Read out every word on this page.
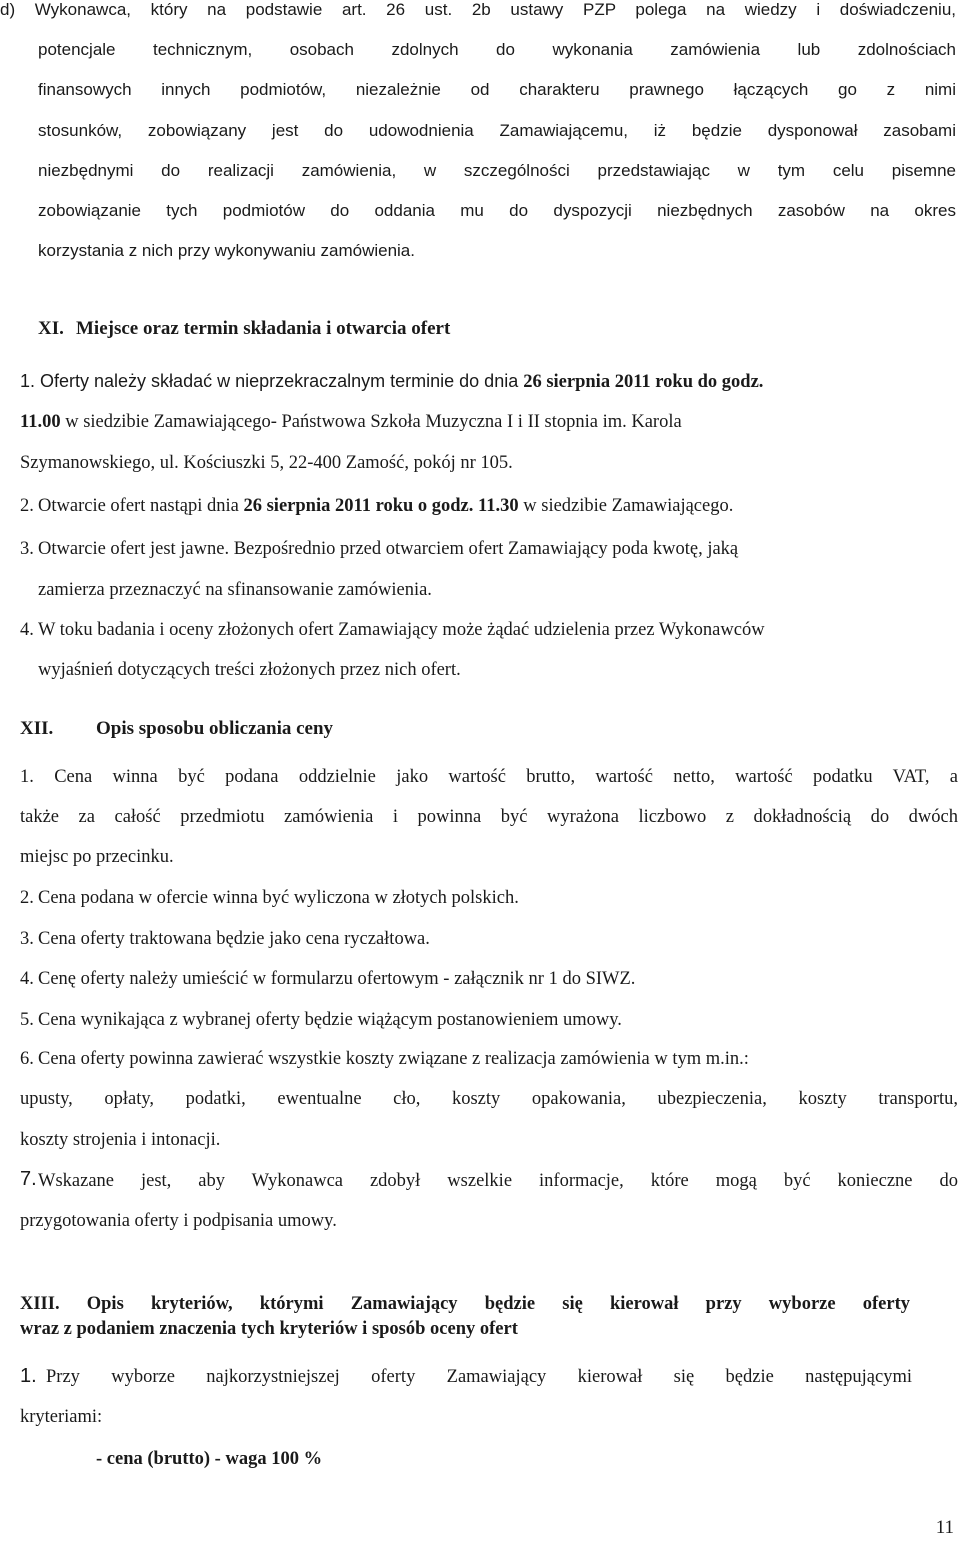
d) Wykonawca, który na podstawie art. 26 ust. 2b ustawy PZP polega na wiedzy i doświadczeniu,
potencjale technicznym, osobach zdolnych do wykonania zamówienia lub zdolnościach
finansowych innych podmiotów, niezależnie od charakteru prawnego łączących go z nimi
stosunków, zobowiązany jest do udowodnienia Zamawiającemu, iż będzie dysponował zasobami
niezbędnymi do realizacji zamówienia, w szczególności przedstawiając w tym celu pisemne
zobowiązanie tych podmiotów do oddania mu do dyspozycji niezbędnych zasobów na okres
korzystania z nich przy wykonywaniu zamówienia.
XI. Miejsce oraz termin składania i otwarcia ofert
1. Oferty należy składać w nieprzekraczalnym terminie do dnia 26 sierpnia 2011 roku do godz.
11.00 w siedzibie Zamawiającego- Państwowa Szkoła Muzyczna I i II stopnia im. Karola
Szymanowskiego, ul. Kościuszki 5, 22-400 Zamość, pokój nr 105.
2. Otwarcie ofert nastąpi dnia 26 sierpnia 2011 roku o godz. 11.30 w siedzibie Zamawiającego.
3. Otwarcie ofert jest jawne. Bezpośrednio przed otwarciem ofert Zamawiający poda kwotę, jaką
zamierza przeznaczyć na sfinansowanie zamówienia.
4. W toku badania i oceny złożonych ofert Zamawiający może żądać udzielenia przez Wykonawców
wyjaśnień dotyczących treści złożonych przez nich ofert.
XII. Opis sposobu obliczania ceny
1. Cena winna być podana oddzielnie jako wartość brutto, wartość netto, wartość podatku VAT, a
także za całość przedmiotu zamówienia i powinna być wyrażona liczbowo z dokładnością do dwóch
miejsc po przecinku.
2. Cena podana w ofercie winna być wyliczona w złotych polskich.
3. Cena oferty traktowana będzie jako cena ryczałtowa.
4. Cenę oferty należy umieścić w formularzu ofertowym - załącznik nr 1 do SIWZ.
5. Cena wynikająca z wybranej oferty będzie wiążącym postanowieniem umowy.
6. Cena oferty powinna zawierać wszystkie koszty związane z realizacja zamówienia w tym m.in.:
upusty, opłaty, podatki, ewentualne cło, koszty opakowania, ubezpieczenia, koszty transportu,
koszty strojenia i intonacji.
7. Wskazane jest, aby Wykonawca zdobył wszelkie informacje, które mogą być konieczne do
przygotowania oferty i podpisania umowy.
XIII. Opis kryteriów, którymi Zamawiający będzie się kierował przy wyborze oferty
wraz z podaniem znaczenia tych kryteriów i sposób oceny ofert
1. Przy wyborze najkorzystniejszej oferty Zamawiający kierował się będzie następującymi
kryteriami:
- cena (brutto) - waga 100 %
11
